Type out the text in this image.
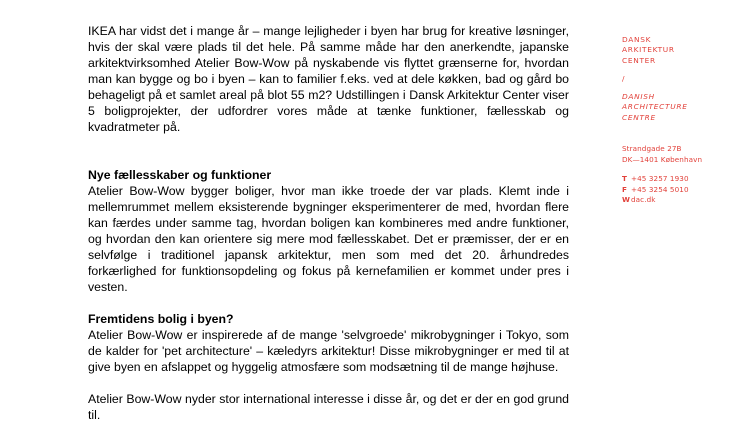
IKEA har vidst det i mange år – mange lejligheder i byen har brug for kreative løsninger, hvis der skal være plads til det hele. På samme måde har den anerkendte, japanske arkitektvirksomhed Atelier Bow-Wow på nyskabende vis flyttet grænserne for, hvordan man kan bygge og bo i byen – kan to familier f.eks. ved at dele køkken, bad og gård bo behageligt på et samlet areal på blot 55 m2? Udstillingen i Dansk Arkitektur Center viser 5 boligprojekter, der udfordrer vores måde at tænke funktioner, fællesskab og kvadratmeter på.

Nye fællesskaber og funktioner

Atelier Bow-Wow bygger boliger, hvor man ikke troede der var plads. Klemt inde i mellemrummet mellem eksisterende bygninger eksperimenterer de med, hvordan flere kan færdes under samme tag, hvordan boligen kan kombineres med andre funktioner, og hvordan den kan orientere sig mere mod fællesskabet. Det er præmisser, der er en selvfølge i traditionel japansk arkitektur, men som med det 20. århundredes forkærlighed for funktionsopdeling og fokus på kernefamilien er kommet under pres i vesten.

Fremtidens bolig i byen?

Atelier Bow-Wow er inspirerede af de mange 'selvgroede' mikrobygninger i Tokyo, som de kalder for 'pet architecture' – kæledyrs arkitektur! Disse mikrobygninger er med til at give byen en afslappet og hyggelig atmosfære som modsætning til de mange højhuse.

Atelier Bow-Wow nyder stor international interesse i disse år, og det er der en god grund til.

DANSK
ARKITEKTUR
CENTER
/
DANISH
ARCHITECTURE
CENTRE
Strandgade 27B
DK—1401 København
T +45 3257 1930
F +45 3254 5010
Wdac.dk
